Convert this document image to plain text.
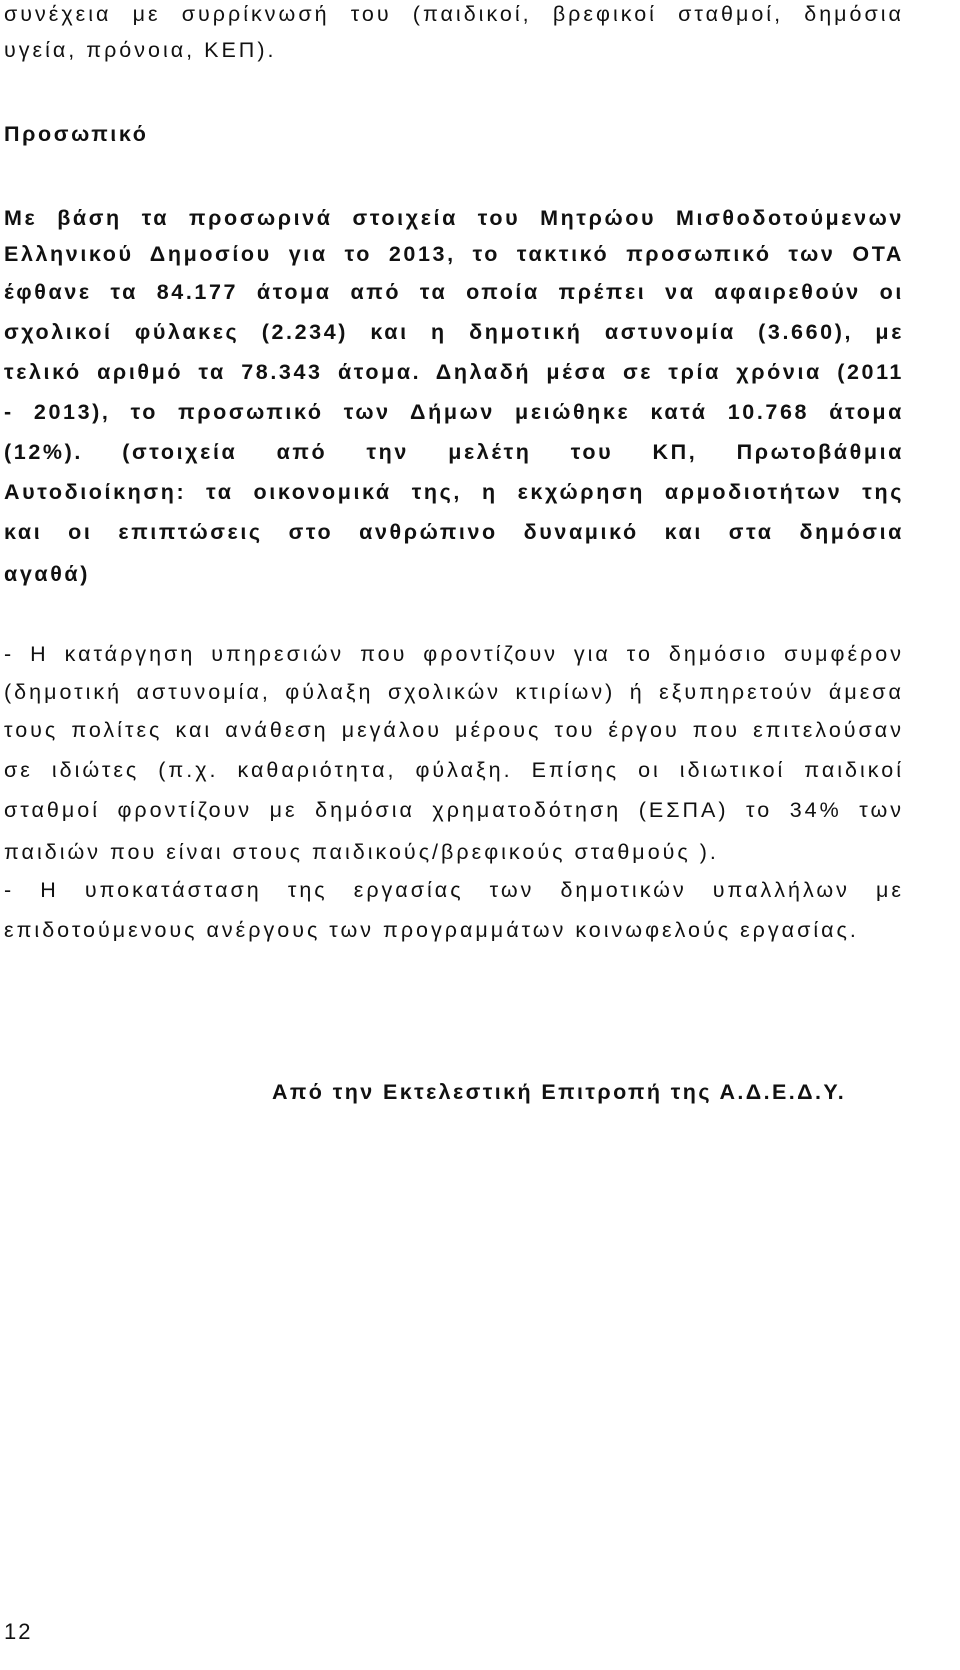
συνέχεια με συρρίκνωσή του (παιδικοί, βρεφικοί σταθμοί, δημόσια

υγεία, πρόνοια, ΚΕΠ).

Προσωπικό

Με βάση τα προσωρινά στοιχεία του Μητρώου Μισθοδοτούμενων

Ελληνικού Δημοσίου για το 2013, το τακτικό προσωπικό των ΟΤΑ

έφθανε τα 84.177 άτομα από τα οποία πρέπει να αφαιρεθούν οι

σχολικοί φύλακες (2.234) και η δημοτική αστυνομία (3.660), με

τελικό αριθμό τα 78.343 άτομα. Δηλαδή μέσα σε τρία χρόνια (2011

- 2013), το προσωπικό των Δήμων μειώθηκε κατά 10.768 άτομα

(12%). (στοιχεία από την μελέτη του ΚΠ, Πρωτοβάθμια

Αυτοδιοίκηση: τα οικονομικά της, η εκχώρηση αρμοδιοτήτων της

και οι επιπτώσεις στο ανθρώπινο δυναμικό και στα δημόσια

αγαθά)

- Η κατάργηση υπηρεσιών που φροντίζουν για το δημόσιο συμφέρον

(δημοτική αστυνομία, φύλαξη σχολικών κτιρίων) ή εξυπηρετούν άμεσα

τους πολίτες και ανάθεση μεγάλου μέρους του έργου που επιτελούσαν

σε ιδιώτες (π.χ. καθαριότητα, φύλαξη. Επίσης οι ιδιωτικοί παιδικοί

σταθμοί φροντίζουν με δημόσια χρηματοδότηση (ΕΣΠΑ) το 34% των

παιδιών που είναι στους παιδικούς/βρεφικούς σταθμούς ).

- Η υποκατάσταση της εργασίας των δημοτικών υπαλλήλων με

επιδοτούμενους ανέργους των προγραμμάτων κοινωφελούς εργασίας.

Από την Εκτελεστική Επιτροπή της Α.Δ.Ε.Δ.Υ.
12
